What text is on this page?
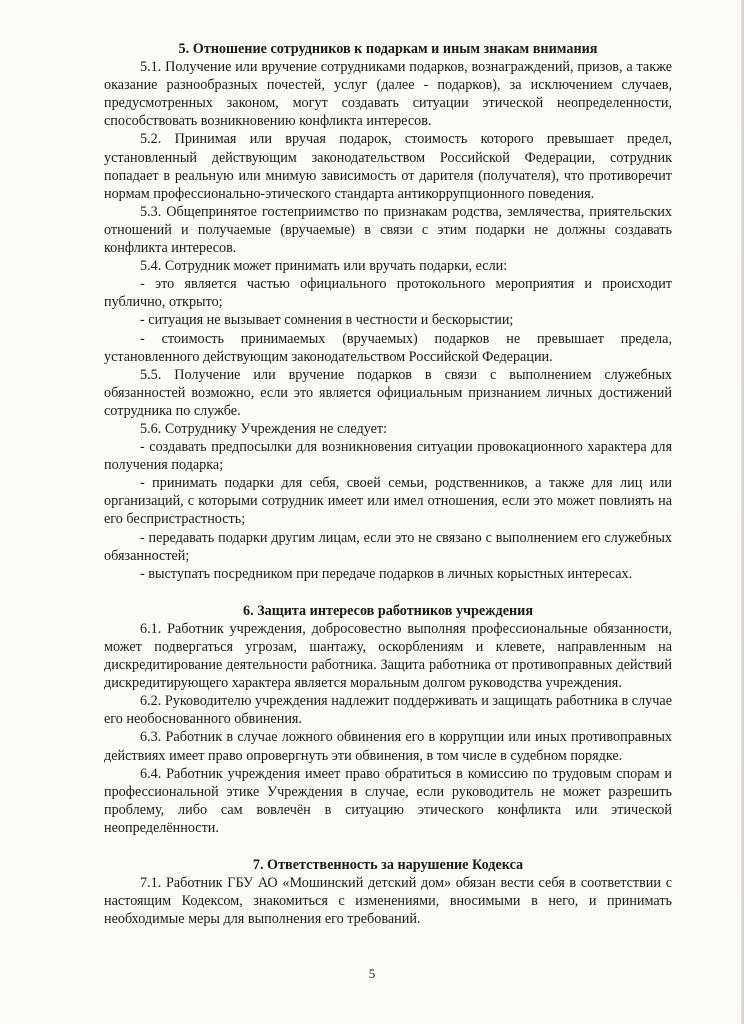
5. Отношение сотрудников к подаркам и иным знакам внимания

5.1. Получение или вручение сотрудниками подарков, вознаграждений, призов, а также оказание разнообразных почестей, услуг (далее - подарков), за исключением случаев, предусмотренных законом, могут создавать ситуации этической неопределенности, способствовать возникновению конфликта интересов.

5.2. Принимая или вручая подарок, стоимость которого превышает предел, установленный действующим законодательством Российской Федерации, сотрудник попадает в реальную или мнимую зависимость от дарителя (получателя), что противоречит нормам профессионально-этического стандарта антикоррупционного поведения.

5.3. Общепринятое гостеприимство по признакам родства, землячества, приятельских отношений и получаемые (вручаемые) в связи с этим подарки не должны создавать конфликта интересов.

5.4. Сотрудник может принимать или вручать подарки, если:

- это является частью официального протокольного мероприятия и происходит публично, открыто;

- ситуация не вызывает сомнения в честности и бескорыстии;

- стоимость принимаемых (вручаемых) подарков не превышает предела, установленного действующим законодательством Российской Федерации.

5.5. Получение или вручение подарков в связи с выполнением служебных обязанностей возможно, если это является официальным признанием личных достижений сотрудника по службе.

5.6. Сотруднику Учреждения не следует:

- создавать предпосылки для возникновения ситуации провокационного характера для получения подарка;

- принимать подарки для себя, своей семьи, родственников, а также для лиц или организаций, с которыми сотрудник имеет или имел отношения, если это может повлиять на его беспристрастность;

- передавать подарки другим лицам, если это не связано с выполнением его служебных обязанностей;

- выступать посредником при передаче подарков в личных корыстных интересах.

6. Защита интересов работников учреждения

6.1. Работник учреждения, добросовестно выполняя профессиональные обязанности, может подвергаться угрозам, шантажу, оскорблениям и клевете, направленным на дискредитирование деятельности работника. Защита работника от противоправных действий дискредитирующего характера является моральным долгом руководства учреждения.

6.2. Руководителю учреждения надлежит поддерживать и защищать работника в случае его необоснованного обвинения.

6.3. Работник в случае ложного обвинения его в коррупции или иных противоправных действиях имеет право опровергнуть эти обвинения, в том числе в судебном порядке.

6.4. Работник учреждения имеет право обратиться в комиссию по трудовым спорам и профессиональной этике Учреждения в случае, если руководитель не может разрешить проблему, либо сам вовлечён в ситуацию этического конфликта или этической неопределённости.

7. Ответственность за нарушение Кодекса

7.1. Работник ГБУ АО «Мошинский детский дом» обязан вести себя в соответствии с настоящим Кодексом, знакомиться с изменениями, вносимыми в него, и принимать необходимые меры для выполнения его требований.

5
